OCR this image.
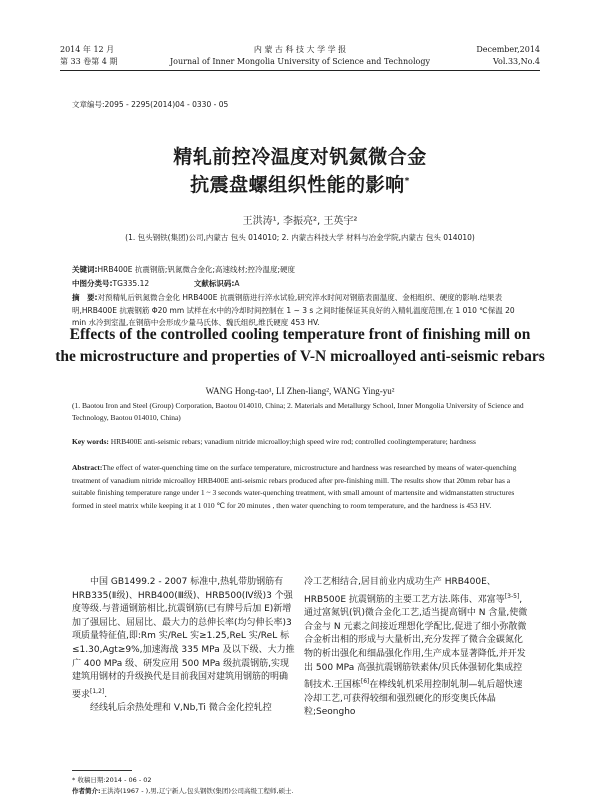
2014 年 12 月
第 33 卷第 4 期
内 蒙 古 科 技 大 学 学 报
Journal of Inner Mongolia University of Science and Technology
December,2014
Vol.33,No.4
文章编号:2095 - 2295(2014)04 - 0330 - 05
精轧前控冷温度对钒氮微合金
抗震盘螺组织性能的影响*
王洪涛¹, 李振亮², 王英宇²
(1. 包头钢铁(集团)公司,内蒙古 包头 014010; 2. 内蒙古科技大学 材料与冶金学院,内蒙古 包头 014010)
关键词:HRB400E 抗震钢筋;钒氮微合金化;高速线材;控冷温度;硬度
中图分类号:TG335.12	文献标识码:A
摘　要:对预精轧后钒氮微合金化 HRB400E 抗震钢筋进行淬水试验,研究淬水时间对钢筋表面温度、金相组织、硬度的影响.结果表明,HRB400E 抗震钢筋 Φ20 mm 试样在水中的冷却时间控制在 1 ~ 3 s 之间时能保证其良好的入精轧温度范围,在 1 010 ℃保温 20 min 水冷到室温,在钢筋中会形成少量马氏体、魏氏组织,维氏硬度 453 HV.
Effects of the controlled cooling temperature front of finishing mill on
the microstructure and properties of V-N microalloyed anti-seismic rebars
WANG Hong-tao¹, LI Zhen-liang², WANG Ying-yu²
(1. Baotou Iron and Steel (Group) Corporation, Baotou 014010, China; 2. Materials and Metallurgy School, Inner Mongolia University of Science and Technology, Baotou 014010, China)
Key words: HRB400E anti-seismic rebars; vanadium nitride microalloy;high speed wire rod; controlled coolingtemperature; hardness
Abstract:The effect of water-quenching time on the surface temperature, microstructure and hardness was researched by means of water-quenching treatment of vanadium nitride microalloy HRB400E anti-seismic rebars produced after pre-finishing mill. The results show that 20mm rebar has a suitable finishing temperature range under 1 ~ 3 seconds water-quenching treatment, with small amount of martensite and widmanstatten structures formed in steel matrix while keeping it at 1 010 ℃ for 20 minutes , then water quenching to room temperature, and the hardness is 453 HV.

　　中国 GB1499.2 - 2007 标准中,热轧带肋钢筋有 HRB335(Ⅱ级)、HRB400(Ⅲ级)、HRB500(Ⅳ级)3 个强度等级.与普通钢筋相比,抗震钢筋(已有牌号后加 E)新增加了强屈比、屈屈比、最大力的总伸长率(均匀伸长率)3 项质量特征值,即:Rm 实/ReL 实≥1.25,ReL 实/ReL 标≤1.30,Agt≥9%,加速海战 335 MPa 及以下级、大力推广 400 MPa 级、研发应用 500 MPa 级抗震钢筋,实现建筑用钢材的升级换代是目前我国对建筑用钢筋的明确要求[1,2].

　　经线轧后余热处理和 V,Nb,Ti 微合金化控轧控

冷工艺相结合,居目前业内成功生产 HRB400E、HRB500E 抗震钢筋的主要工艺方法.陈伟、邓富等[3-5],通过富氮钒(钒)微合金化工艺,适当提高钢中 N 含量,使微合金与 N 元素之间接近理想化学配比,促进了细小弥散微合金析出相的形成与大量析出,充分发挥了微合金碳氮化物的析出强化和细晶强化作用,生产成本显著降低,并开发出 500 MPa 高强抗震钢筋铁素体/贝氏体强韧化集成控制技术.王国栋[6]在棒线轧机采用控制轧制—轧后超快速冷却工艺,可获得较细和强烈硬化的形变奥氏体晶粒;Seongho

* 收稿日期:2014 - 06 - 02
作者简介:王洪涛(1967 - ),男,辽宁新人,包头钢铁(集团)公司高级工程师,硕士.
